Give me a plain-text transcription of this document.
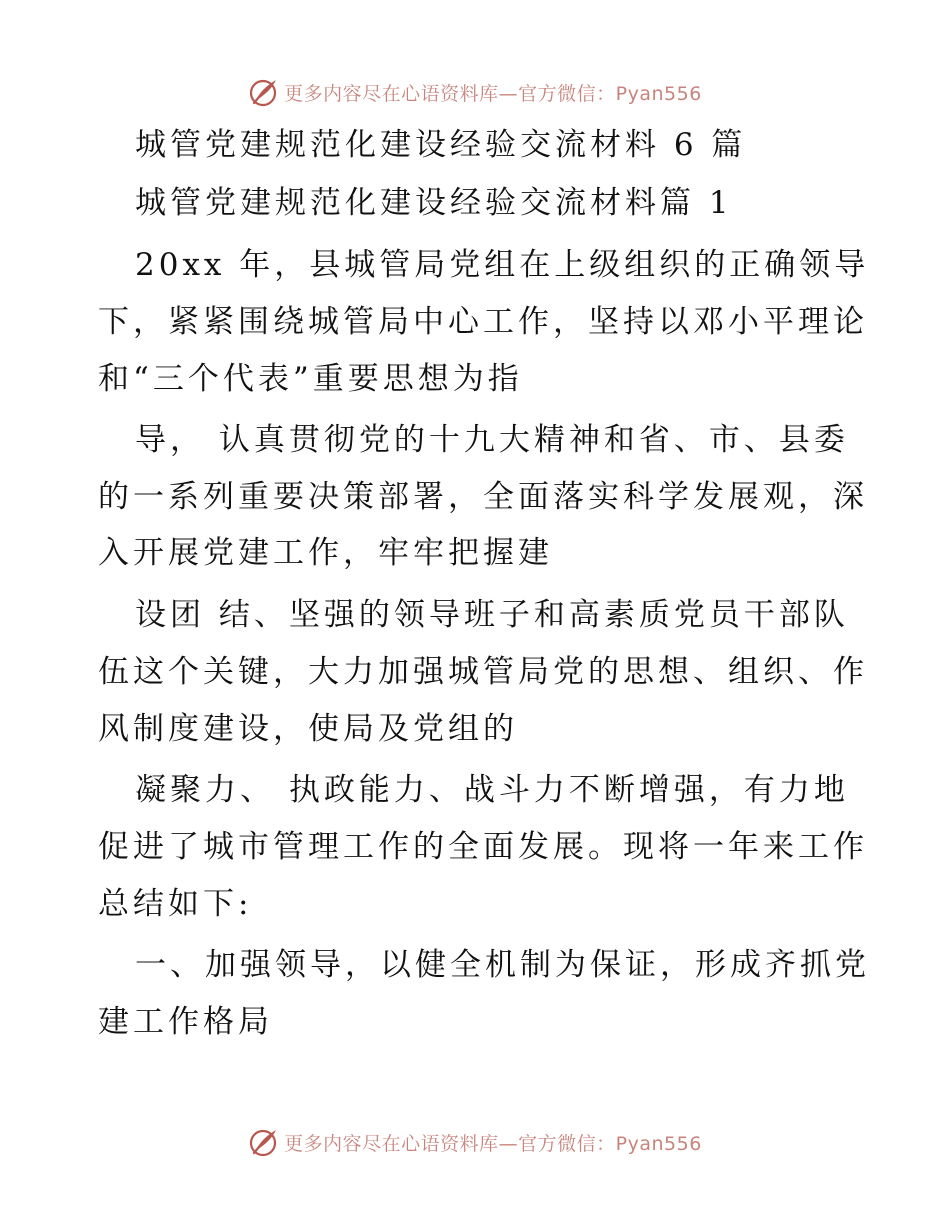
更多内容尽在心语资料库—官方微信：Pyan556
城管党建规范化建设经验交流材料 6 篇
城管党建规范化建设经验交流材料篇 1
20xx 年，县城管局党组在上级组织的正确领导
下，紧紧围绕城管局中心工作，坚持以邓小平理论
和“三个代表”重要思想为指
导， 认真贯彻党的十九大精神和省、市、县委
的一系列重要决策部署，全面落实科学发展观，深
入开展党建工作，牢牢把握建
设团 结、坚强的领导班子和高素质党员干部队
伍这个关键，大力加强城管局党的思想、组织、作
风制度建设，使局及党组的
凝聚力、 执政能力、战斗力不断增强，有力地
促进了城市管理工作的全面发展。现将一年来工作
总结如下:
一、加强领导，以健全机制为保证，形成齐抓党
建工作格局
更多内容尽在心语资料库—官方微信：Pyan556
